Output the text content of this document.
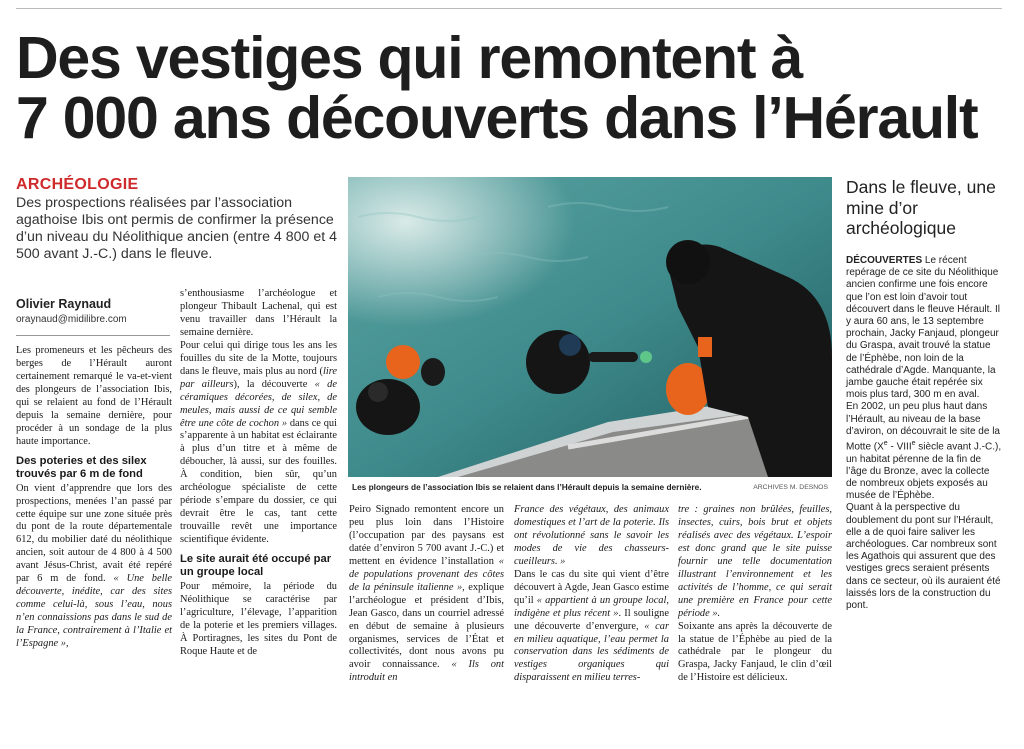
Des vestiges qui remontent à
7 000 ans découverts dans l’Hérault
ARCHÉOLOGIE
Des prospections réalisées par l’association agathoise Ibis ont permis de confirmer la présence d’un niveau du Néolithique ancien (entre 4 800 et 4 500 avant J.-C.) dans le fleuve.
Olivier Raynaud
oraynaud@midilibre.com

Les promeneurs et les pêcheurs des berges de l’Hérault auront certainement remarqué le va-et-vient des plongeurs de l’association Ibis, qui se relaient au fond de l’Hérault depuis la semaine dernière, pour procéder à un sondage de la plus haute importance.

Des poteries et des silex trouvés par 6 m de fond

On vient d’apprendre que lors des prospections, menées l’an passé par cette équipe sur une zone située près du pont de la route départementale 612, du mobilier daté du néolithique ancien, soit autour de 4 800 à 4 500 avant Jésus-Christ, avait été repéré par 6 m de fond. « Une belle découverte, inédite, car des sites comme celui-là, sous l’eau, nous n’en connaissions pas dans le sud de la France, contrairement à l’Italie et l’Espagne »,

s’enthousiasme l’archéologue et plongeur Thibault Lachenal, qui est venu travailler dans l’Hérault la semaine dernière.

Pour celui qui dirige tous les ans les fouilles du site de la Motte, toujours dans le fleuve, mais plus au nord (lire par ailleurs), la découverte « de céramiques décorées, de silex, de meules, mais aussi de ce qui semble être une côte de cochon » dans ce qui s’apparente à un habitat est éclairante à plus d’un titre et à même de déboucher, là aussi, sur des fouilles. À condition, bien sûr, qu’un archéologue spécialiste de cette période s’empare du dossier, ce qui devrait être le cas, tant cette trouvaille revêt une importance scientifique évidente.

Le site aurait été occupé par un groupe local

Pour mémoire, la période du Néolithique se caractérise par l’agriculture, l’élevage, l’apparition de la poterie et les premiers villages. À Portiragnes, les sites du Pont de Roque Haute et de

Les plongeurs de l’association Ibis se relaient dans l’Hérault depuis la semaine dernière.	ARCHIVES M. DESNOS

Peiro Signado remontent encore un peu plus loin dans l’Histoire (l’occupation par des paysans est datée d’environ 5 700 avant J.-C.) et mettent en évidence l’installation « de populations provenant des côtes de la péninsule italienne », explique l’archéologue et président d’Ibis, Jean Gasco, dans un courriel adressé en début de semaine à plusieurs organismes, services de l’État et collectivités, dont nous avons pu avoir connaissance. « Ils ont introduit en

France des végétaux, des animaux domestiques et l’art de la poterie. Ils ont révolutionné sans le savoir les modes de vie des chasseurs-cueilleurs. »

Dans le cas du site qui vient d’être découvert à Agde, Jean Gasco estime qu’il « appartient à un groupe local, indigène et plus récent ». Il souligne une découverte d’envergure, « car en milieu aquatique, l’eau permet la conservation dans les sédiments de vestiges organiques qui disparaissent en milieu terres-

tre : graines non brûlées, feuilles, insectes, cuirs, bois brut et objets réalisés avec des végétaux. L’espoir est donc grand que le site puisse fournir une telle documentation illustrant l’environnement et les activités de l’homme, ce qui serait une première en France pour cette période ».

Soixante ans après la découverte de la statue de l’Éphèbe au pied de la cathédrale par le plongeur du Graspa, Jacky Fanjaud, le clin d’œil de l’Histoire est délicieux.

Dans le fleuve, une mine d’or archéologique

DÉCOUVERTES Le récent repérage de ce site du Néolithique ancien confirme une fois encore que l’on est loin d’avoir tout découvert dans le fleuve Hérault. Il y aura 60 ans, le 13 septembre prochain, Jacky Fanjaud, plongeur du Graspa, avait trouvé la statue de l’Éphèbe, non loin de la cathédrale d’Agde. Manquante, la jambe gauche était repérée six mois plus tard, 300 m en aval.

En 2002, un peu plus haut dans l’Hérault, au niveau de la base d’aviron, on découvrait le site de la Motte (Xe - VIIIe siècle avant J.-C.), un habitat pérenne de la fin de l’âge du Bronze, avec la collecte de nombreux objets exposés au musée de l’Éphèbe.

Quant à la perspective du doublement du pont sur l’Hérault, elle a de quoi faire saliver les archéologues. Car nombreux sont les Agathois qui assurent que des vestiges grecs seraient présents dans ce secteur, où ils auraient été laissés lors de la construction du pont.
